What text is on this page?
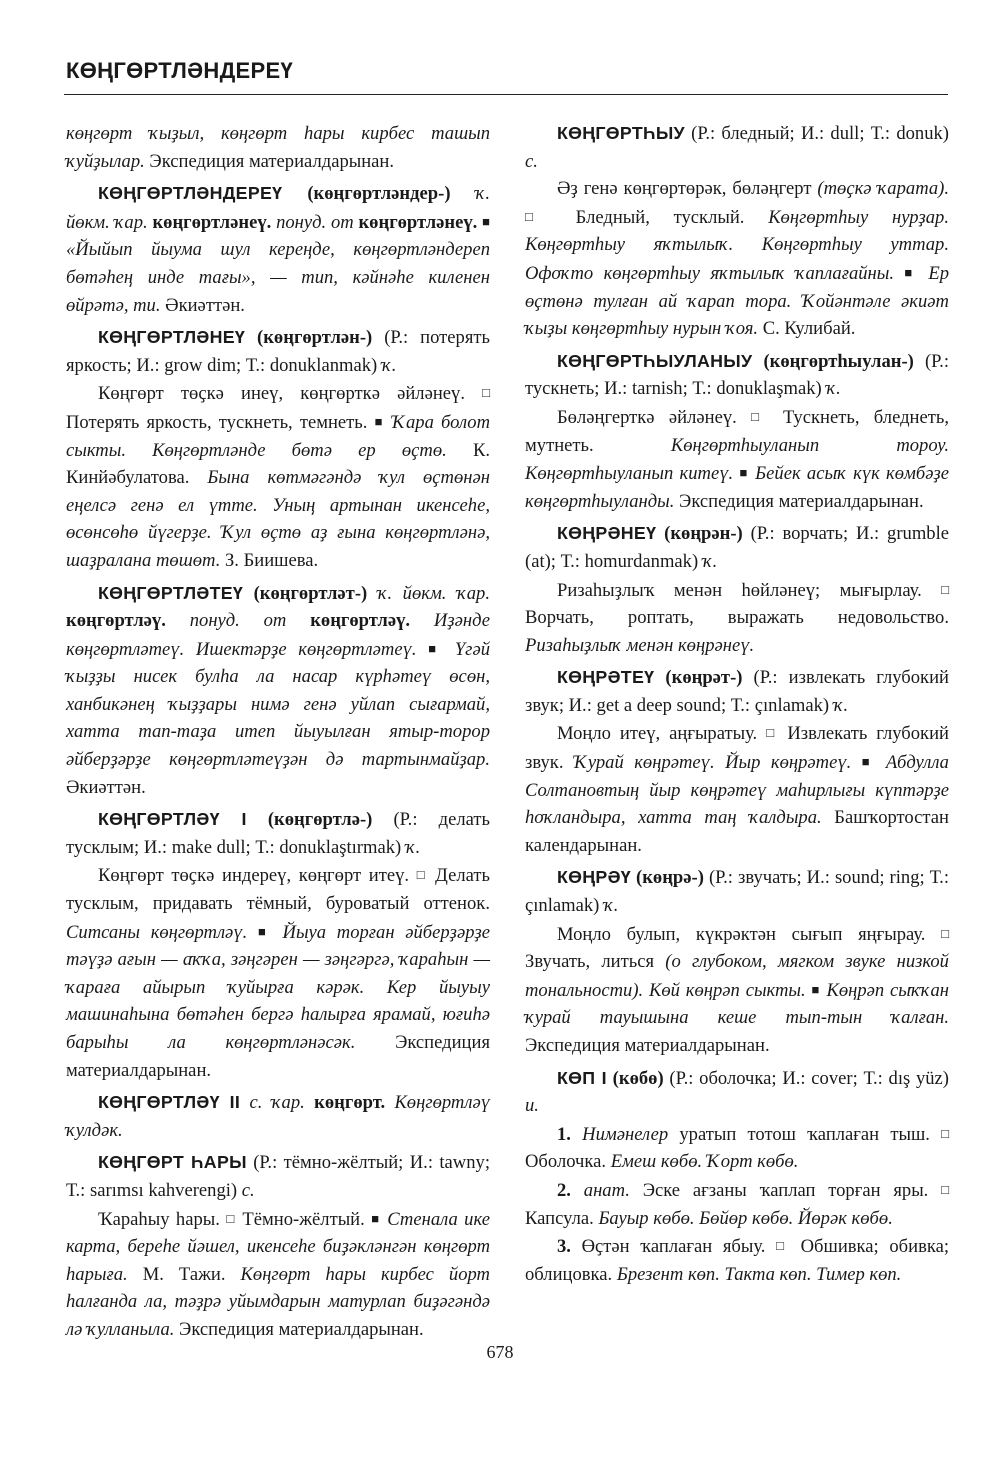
КӨҢГӨРТЛӘНДЕРЕҮ

көңгөрт ҡыҙыл, көңгөрт һары кирбес ташып ҡуйҙылар. Экспедиция материалдарынан.

КӨҢГӨРТЛӘНДЕРЕҮ (көңгөртләндер-) ҡ. йөкм. ҡар. көңгөртләнеү. понуд. от көңгөртләнеү. ■ «Йыйып йыума шул кереңде, көңгөртләндереп бөтәһең инде тағы», — тип, кәйнәһе киленен өйрәтә, ти. Әкиәттән.

КӨҢГӨРТЛӘНЕҮ (көңгөртлән-) (Р.: потерять яркость; И.: grow dim; Т.: donuklanmak) ҡ.

Көңгөрт төҫкә инеү, көңгөрткә әйләнеү. □ Потерять яркость, тускнеть, темнеть. ■ Ҡара болот сыкты. Көңгөртләнде бөтә ер өҫтө. К. Кинйәбулатова. Бына көтмәгәндә ҡул өҫтөнән еңелсә генә ел үтте. Уның артынан икенсеһе, өсөнсөһө йүгерҙе. Ҡул өҫтө аҙ ғына көңгөртләнә, шаҙралана төшөт. З. Биишева.

КӨҢГӨРТЛӘТЕҮ (көңгөртләт-) ҡ. йөкм. ҡар. көңгөртләү. понуд. от көңгөртләү. Иҙәнде көңгөртләтеү. Ишектәрҙе көңгөртләтеү. ■ Үгәй ҡыҙҙы нисек булһа ла насар күрһәтеү өсөн, ханбикәнең ҡыҙҙары нимә генә уйлап сығармай, хатта тап-таҙа итеп йыуылған ятыр-торор әйберҙәрҙе көңгөртләтеүҙән дә тартынмайҙар. Әкиәттән.

КӨҢГӨРТЛӘҮ I (көңгөртлә-) (Р.: делать тусклым; И.: make dull; Т.: donuklaştırmak) ҡ.

Көңгөрт төҫкә индереү, көңгөрт итеү. □ Делать тусклым, придавать тёмный, буроватый оттенок. Ситсаны көңгөртләү. ■ Йыуа торған әйберҙәрҙе тәүҙә ағын — аҡҡа, зәңгәрен — зәңгәргә, ҡараһын — ҡараға айырып ҡуйырға кәрәк. Кер йыуыу машинаһына бөтәһен бергә һалырға ярамай, юғиһә барыһы ла көңгөртләнәсәк. Экспедиция материалдарынан.

КӨҢГӨРТЛӘҮ II с. ҡар. көңгөрт. Көңгөртләү ҡулдәк.

КӨҢГӨРТ ҺАРЫ (Р.: тёмно-жёлтый; И.: tawny; Т.: sarımsı kahverengi) с.

Ҡараһыу һары. □ Тёмно-жёлтый. ■ Стенала ике карта, береһе йәшел, икенсеһе биҙәкләнгән көңгөрт һарыға. М. Тажи. Көңгөрт һары кирбес йорт һалғанда ла, тәҙрә уйымдарын матурлап биҙәгәндә лә ҡулланыла. Экспедиция материалдарынан.

КӨҢГӨРТҺЫУ (Р.: бледный; И.: dull; Т.: donuk) с.

Әҙ генә көңгөртөрәк, бөләңгерт (төҫкә ҡарата). □ Бледный, тусклый. Көңгөртһыу нурҙар. Көңгөртһыу яҡтылыҡ. Көңгөртһыу уттар. Офоҡто көңгөртһыу яҡтылыҡ ҡаплағайны. ■ Ер өҫтөнә тулған ай ҡарап тора. Ҡойәнтәле әкиәт ҡыҙы көңгөртһыу нурын ҡоя. С. Кулибай.

КӨҢГӨРТҺЫУЛАНЫУ (көңгөртһыулан-) (Р.: тускнеть; И.: tarnish; Т.: donuklaşmak) ҡ.

Бөләңгерткә әйләнеү. □ Тускнеть, бледнеть, мутнеть. Көңгөртһыуланып тороу. Көңгөртһыуланып китеү. ■ Бейек асыҡ күк көмбәҙе көңгөртһыуланды. Экспедиция материалдарынан.

КӨҢРӘНЕҮ (көңрән-) (Р.: ворчать; И.: grumble (at); Т.: homurdanmak) ҡ.

Ризаһыҙлыҡ менән һөйләнеү; мығырлау. □ Ворчать, роптать, выражать недовольство. Ризаһыҙлыҡ менән көңрәнеү.

КӨҢРӘТЕҮ (көңрәт-) (Р.: извлекать глубокий звук; И.: get a deep sound; Т.: çınlamak) ҡ.

Моңло итеү, аңғыратыу. □ Извлекать глубокий звук. Ҡурай көңрәтеү. Йыр көңрәтеү. ■ Абдулла Солтановтың йыр көңрәтеү маһирлығы күптәрҙе һоҡландыра, хатта таң ҡалдыра. Башҡортостан календарынан.

КӨҢРӘҮ (көңрә-) (Р.: звучать; И.: sound; ring; Т.: çınlamak) ҡ.

Моңло булып, күкрәктән сығып яңғырау. □ Звучать, литься (о глубоком, мягком звуке низкой тональности). Көй көңрәп сыкты. ■ Көңрәп сыҡҡан ҡурай тауышына кеше тып-тын ҡалған. Экспедиция материалдарынан.

КӨП I (көбө) (Р.: оболочка; И.: cover; Т.: dış yüz) и.

1. Нимәнелер уратып тотош ҡаплаған тыш. □ Оболочка. Емеш көбө. Ҡорт көбө.

2. анат. Эске ағзаны ҡаплап торған яры. □ Капсула. Бауыр көбө. Бөйөр көбө. Йөрәк көбө.

3. Өҫтән ҡаплаған ябыу. □ Обшивка; обивка; облицовка. Брезент көп. Такта көп. Тимер көп.

678
